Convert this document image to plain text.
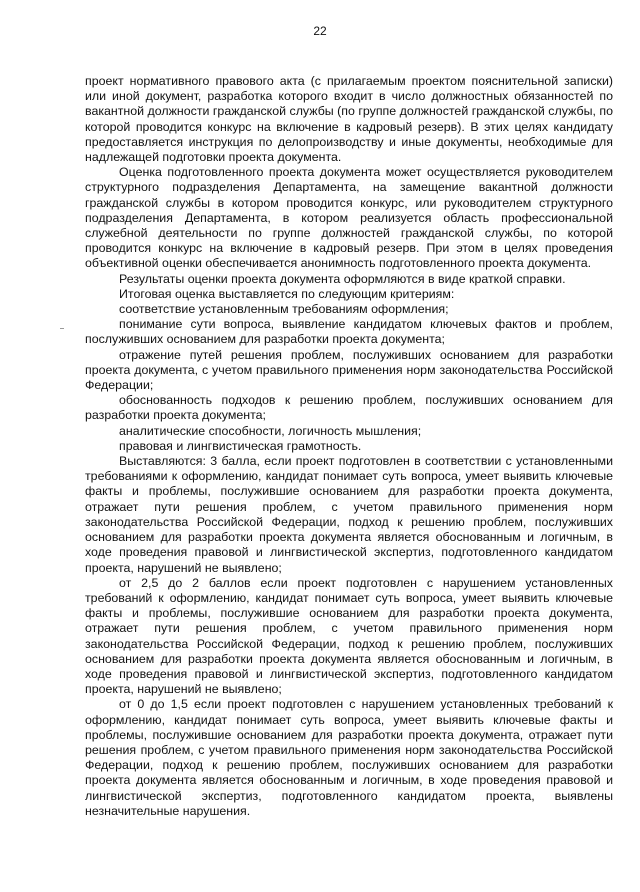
22

проект нормативного правового акта (с прилагаемым проектом пояснительной записки) или иной документ, разработка которого входит в число должностных обязанностей по вакантной должности гражданской службы (по группе должностей гражданской службы, по которой проводится конкурс на включение в кадровый резерв). В этих целях кандидату предоставляется инструкция по делопроизводству и иные документы, необходимые для надлежащей подготовки проекта документа.

Оценка подготовленного проекта документа может осуществляется руководителем структурного подразделения Департамента, на замещение вакантной должности гражданской службы в котором проводится конкурс, или руководителем структурного подразделения Департамента, в котором реализуется область профессиональной служебной деятельности по группе должностей гражданской службы, по которой проводится конкурс на включение в кадровый резерв. При этом в целях проведения объективной оценки обеспечивается анонимность подготовленного проекта документа.

Результаты оценки проекта документа оформляются в виде краткой справки.

Итоговая оценка выставляется по следующим критериям:

соответствие установленным требованиям оформления;

понимание сути вопроса, выявление кандидатом ключевых фактов и проблем, послуживших основанием для разработки проекта документа;

отражение путей решения проблем, послуживших основанием для разработки проекта документа, с учетом правильного применения норм законодательства Российской Федерации;

обоснованность подходов к решению проблем, послуживших основанием для разработки проекта документа;

аналитические способности, логичность мышления;

правовая и лингвистическая грамотность.

Выставляются: 3 балла, если проект подготовлен в соответствии с установленными требованиями к оформлению, кандидат понимает суть вопроса, умеет выявить ключевые факты и проблемы, послужившие основанием для разработки проекта документа, отражает пути решения проблем, с учетом правильного применения норм законодательства Российской Федерации, подход к решению проблем, послуживших основанием для разработки проекта документа является обоснованным и логичным, в ходе проведения правовой и лингвистической экспертиз, подготовленного кандидатом проекта, нарушений не выявлено;

от 2,5 до 2 баллов если проект подготовлен с нарушением установленных требований к оформлению, кандидат понимает суть вопроса, умеет выявить ключевые факты и проблемы, послужившие основанием для разработки проекта документа, отражает пути решения проблем, с учетом правильного применения норм законодательства Российской Федерации, подход к решению проблем, послуживших основанием для разработки проекта документа является обоснованным и логичным, в ходе проведения правовой и лингвистической экспертиз, подготовленного кандидатом проекта, нарушений не выявлено;

от 0 до 1,5 если проект подготовлен с нарушением установленных требований к оформлению, кандидат понимает суть вопроса, умеет выявить ключевые факты и проблемы, послужившие основанием для разработки проекта документа, отражает пути решения проблем, с учетом правильного применения норм законодательства Российской Федерации, подход к решению проблем, послуживших основанием для разработки проекта документа является обоснованным и логичным, в ходе проведения правовой и лингвистической экспертиз, подготовленного кандидатом проекта, выявлены незначительные нарушения.
